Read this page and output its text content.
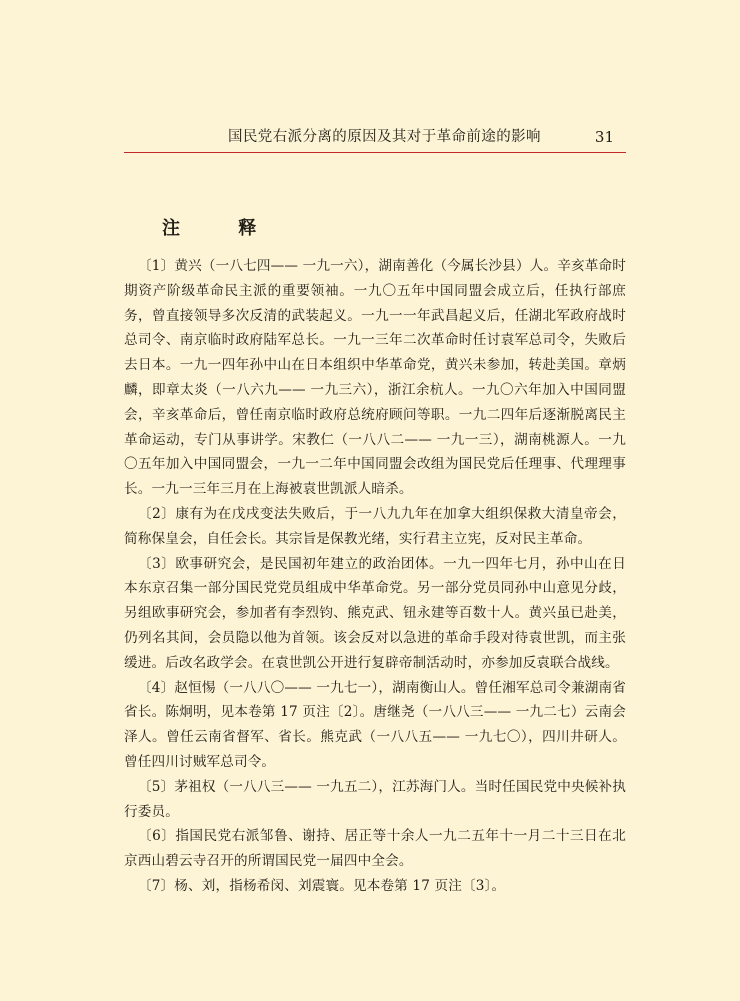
国民党右派分离的原因及其对于革命前途的影响	31
注 释

〔1〕黄兴（一八七四—— 一九一六），湖南善化（今属长沙县）人。辛亥革命时期资产阶级革命民主派的重要领袖。一九〇五年中国同盟会成立后，任执行部庶务，曾直接领导多次反清的武装起义。一九一一年武昌起义后，任湖北军政府战时总司令、南京临时政府陆军总长。一九一三年二次革命时任讨袁军总司令，失败后去日本。一九一四年孙中山在日本组织中华革命党，黄兴未参加，转赴美国。章炳麟，即章太炎（一八六九—— 一九三六），浙江余杭人。一九〇六年加入中国同盟会，辛亥革命后，曾任南京临时政府总统府顾问等职。一九二四年后逐渐脱离民主革命运动，专门从事讲学。宋教仁（一八八二—— 一九一三），湖南桃源人。一九〇五年加入中国同盟会，一九一二年中国同盟会改组为国民党后任理事、代理理事长。一九一三年三月在上海被袁世凯派人暗杀。

〔2〕康有为在戊戌变法失败后，于一八九九年在加拿大组织保救大清皇帝会，简称保皇会，自任会长。其宗旨是保教光绪，实行君主立宪，反对民主革命。

〔3〕欧事研究会，是民国初年建立的政治团体。一九一四年七月，孙中山在日本东京召集一部分国民党党员组成中华革命党。另一部分党员同孙中山意见分歧，另组欧事研究会，参加者有李烈钧、熊克武、钮永建等百数十人。黄兴虽已赴美，仍列名其间，会员隐以他为首领。该会反对以急进的革命手段对待袁世凯，而主张缓进。后改名政学会。在袁世凯公开进行复辟帝制活动时，亦参加反袁联合战线。

〔4〕赵恒惕（一八八〇—— 一九七一），湖南衡山人。曾任湘军总司令兼湖南省省长。陈炯明，见本卷第 17 页注〔2〕。唐继尧（一八八三—— 一九二七）云南会泽人。曾任云南省督军、省长。熊克武（一八八五—— 一九七〇），四川井研人。曾任四川讨贼军总司令。

〔5〕茅祖权（一八八三—— 一九五二），江苏海门人。当时任国民党中央候补执行委员。

〔6〕指国民党右派邹鲁、谢持、居正等十余人一九二五年十一月二十三日在北京西山碧云寺召开的所谓国民党一届四中全会。

〔7〕杨、刘，指杨希闵、刘震寰。见本卷第 17 页注〔3〕。
